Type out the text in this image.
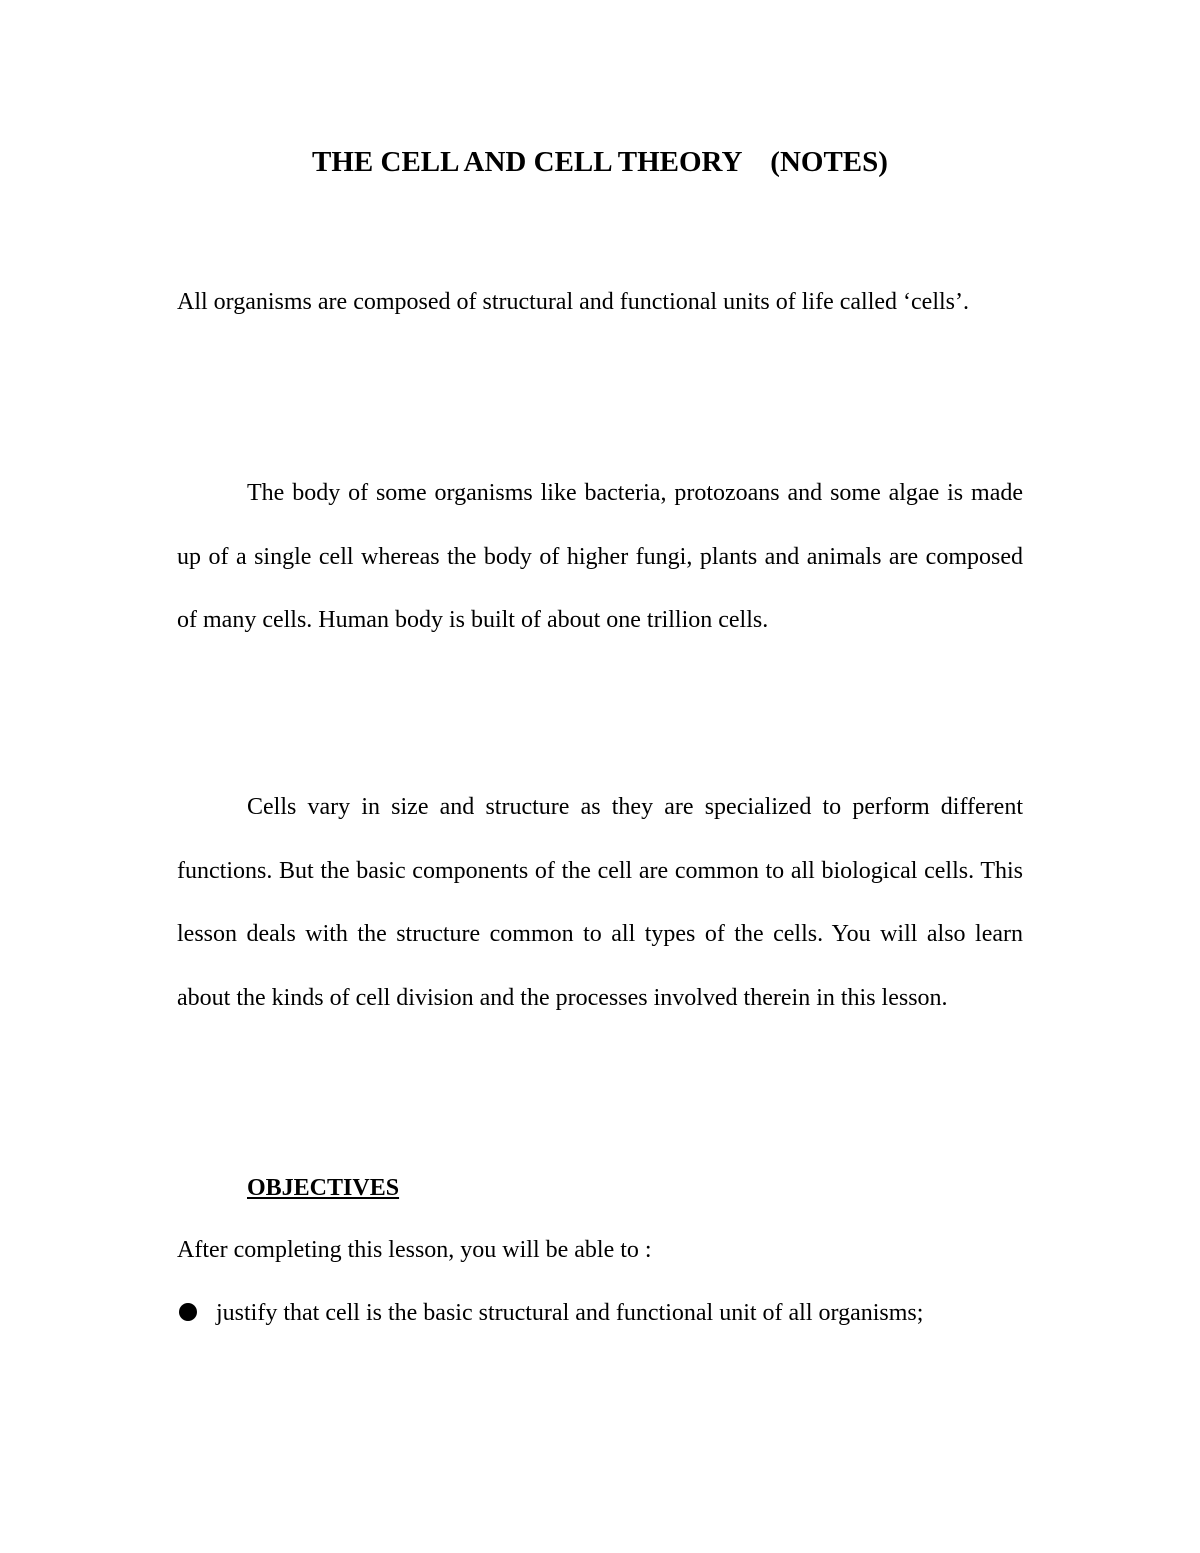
THE CELL AND CELL THEORY    (NOTES)

All organisms are composed of structural and functional units of life called ‘cells’.

The body of some organisms like bacteria, protozoans and some algae is made up of a single cell whereas the body of higher fungi, plants and animals are composed of many cells. Human body is built of about one trillion cells.

Cells vary in size and structure as they are specialized to perform different functions. But the basic components of the cell are common to all biological cells. This lesson deals with the structure common to all types of the cells. You will also learn about the kinds of cell division and the processes involved therein in this lesson.

OBJECTIVES
After completing this lesson, you will be able to :

justify that cell is the basic structural and functional unit of all organisms;
